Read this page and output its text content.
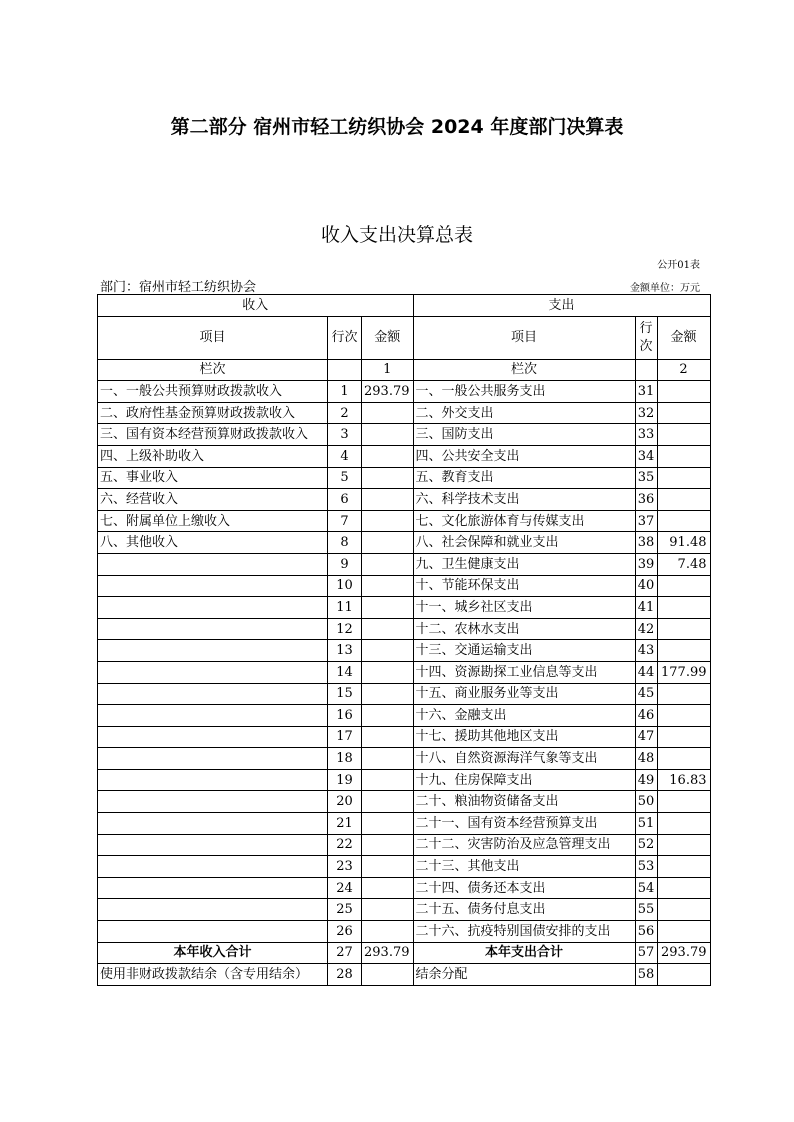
第二部分 宿州市轻工纺织协会 2024 年度部门决算表
收入支出决算总表
公开01表
部门：宿州市轻工纺织协会	金额单位：万元
收入			支出		
项目	行次	金额	项目	行次	金额
栏次		1	栏次		2
一、一般公共预算财政拨款收入	1	293.79	一、一般公共服务支出	31	
二、政府性基金预算财政拨款收入	2		二、外交支出	32	
三、国有资本经营预算财政拨款收入	3		三、国防支出	33	
四、上级补助收入	4		四、公共安全支出	34	
五、事业收入	5		五、教育支出	35	
六、经营收入	6		六、科学技术支出	36	
七、附属单位上缴收入	7		七、文化旅游体育与传媒支出	37	
八、其他收入	8		八、社会保障和就业支出	38	91.48
	9		九、卫生健康支出	39	7.48
	10		十、节能环保支出	40	
	11		十一、城乡社区支出	41	
	12		十二、农林水支出	42	
	13		十三、交通运输支出	43	
	14		十四、资源勘探工业信息等支出	44	177.99
	15		十五、商业服务业等支出	45	
	16		十六、金融支出	46	
	17		十七、援助其他地区支出	47	
	18		十八、自然资源海洋气象等支出	48	
	19		十九、住房保障支出	49	16.83
	20		二十、粮油物资储备支出	50	
	21		二十一、国有资本经营预算支出	51	
	22		二十二、灾害防治及应急管理支出	52	
	23		二十三、其他支出	53	
	24		二十四、债务还本支出	54	
	25		二十五、债务付息支出	55	
	26		二十六、抗疫特别国债安排的支出	56	
本年收入合计	27	293.79	本年支出合计	57	293.79
使用非财政拨款结余（含专用结余）	28		结余分配	58	
